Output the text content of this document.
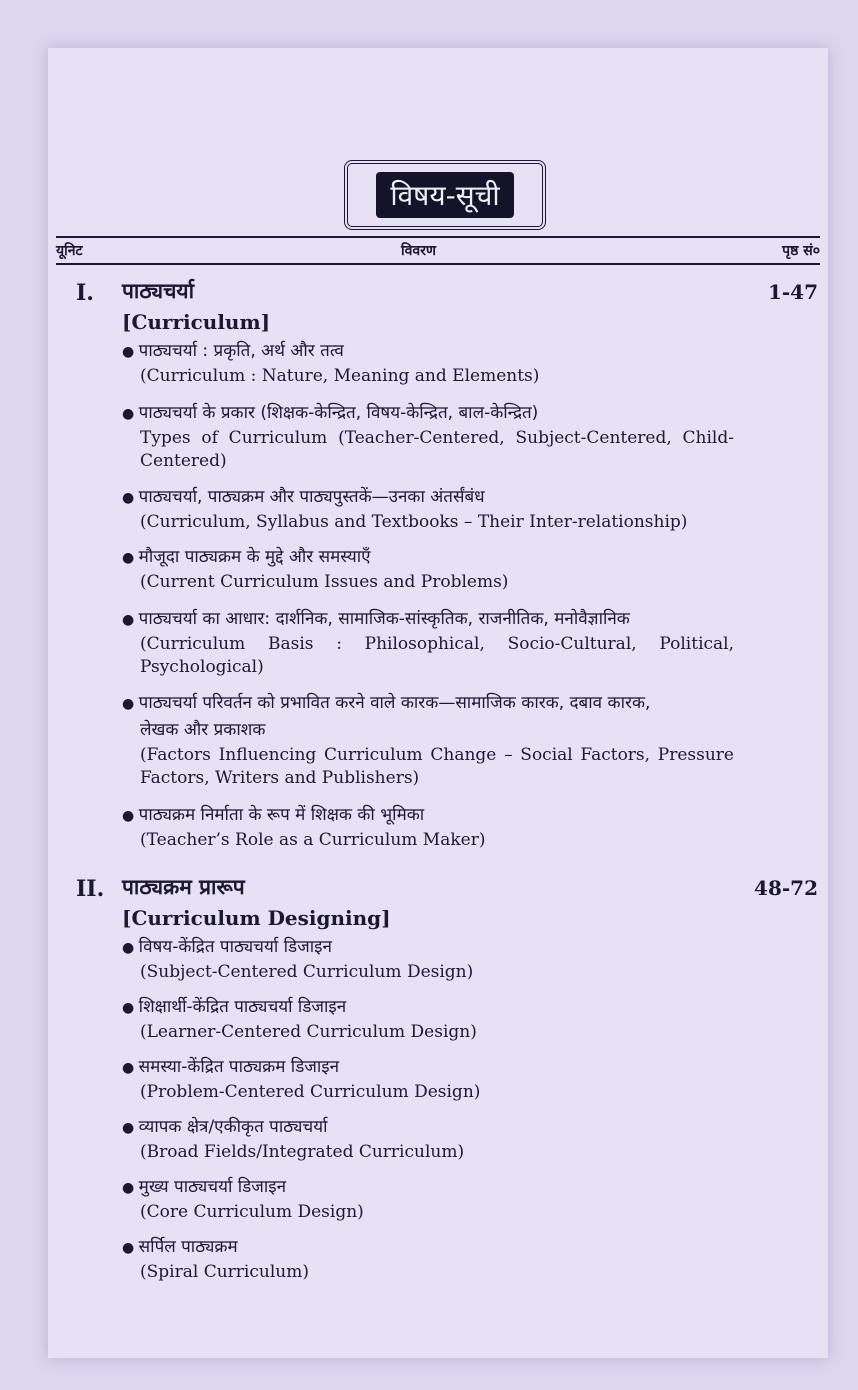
विषय-सूची
यूनिट	विवरण	पृष्ठ सं०
I. पाठ्यचर्या	1-47
[Curriculum]
● पाठ्यचर्या : प्रकृति, अर्थ और तत्व
(Curriculum : Nature, Meaning and Elements)
● पाठ्यचर्या के प्रकार (शिक्षक-केन्द्रित, विषय-केन्द्रित, बाल-केन्द्रित)
Types of Curriculum (Teacher-Centered, Subject-Centered, Child-Centered)
● पाठ्यचर्या, पाठ्यक्रम और पाठ्यपुस्तकें—उनका अंतर्संबंध
(Curriculum, Syllabus and Textbooks – Their Inter-relationship)
● मौजूदा पाठ्यक्रम के मुद्दे और समस्याएँ
(Current Curriculum Issues and Problems)
● पाठ्यचर्या का आधार: दार्शनिक, सामाजिक-सांस्कृतिक, राजनीतिक, मनोवैज्ञानिक
(Curriculum Basis : Philosophical, Socio-Cultural, Political, Psychological)
● पाठ्यचर्या परिवर्तन को प्रभावित करने वाले कारक—सामाजिक कारक, दबाव कारक,
लेखक और प्रकाशक
(Factors Influencing Curriculum Change – Social Factors, Pressure Factors, Writers and Publishers)
● पाठ्यक्रम निर्माता के रूप में शिक्षक की भूमिका
(Teacher’s Role as a Curriculum Maker)
II. पाठ्यक्रम प्रारूप	48-72
[Curriculum Designing]
● विषय-केंद्रित पाठ्यचर्या डिजाइन
(Subject-Centered Curriculum Design)
● शिक्षार्थी-केंद्रित पाठ्यचर्या डिजाइन
(Learner-Centered Curriculum Design)
● समस्या-केंद्रित पाठ्यक्रम डिजाइन
(Problem-Centered Curriculum Design)
● व्यापक क्षेत्र/एकीकृत पाठ्यचर्या
(Broad Fields/Integrated Curriculum)
● मुख्य पाठ्यचर्या डिजाइन
(Core Curriculum Design)
● सर्पिल पाठ्यक्रम
(Spiral Curriculum)
